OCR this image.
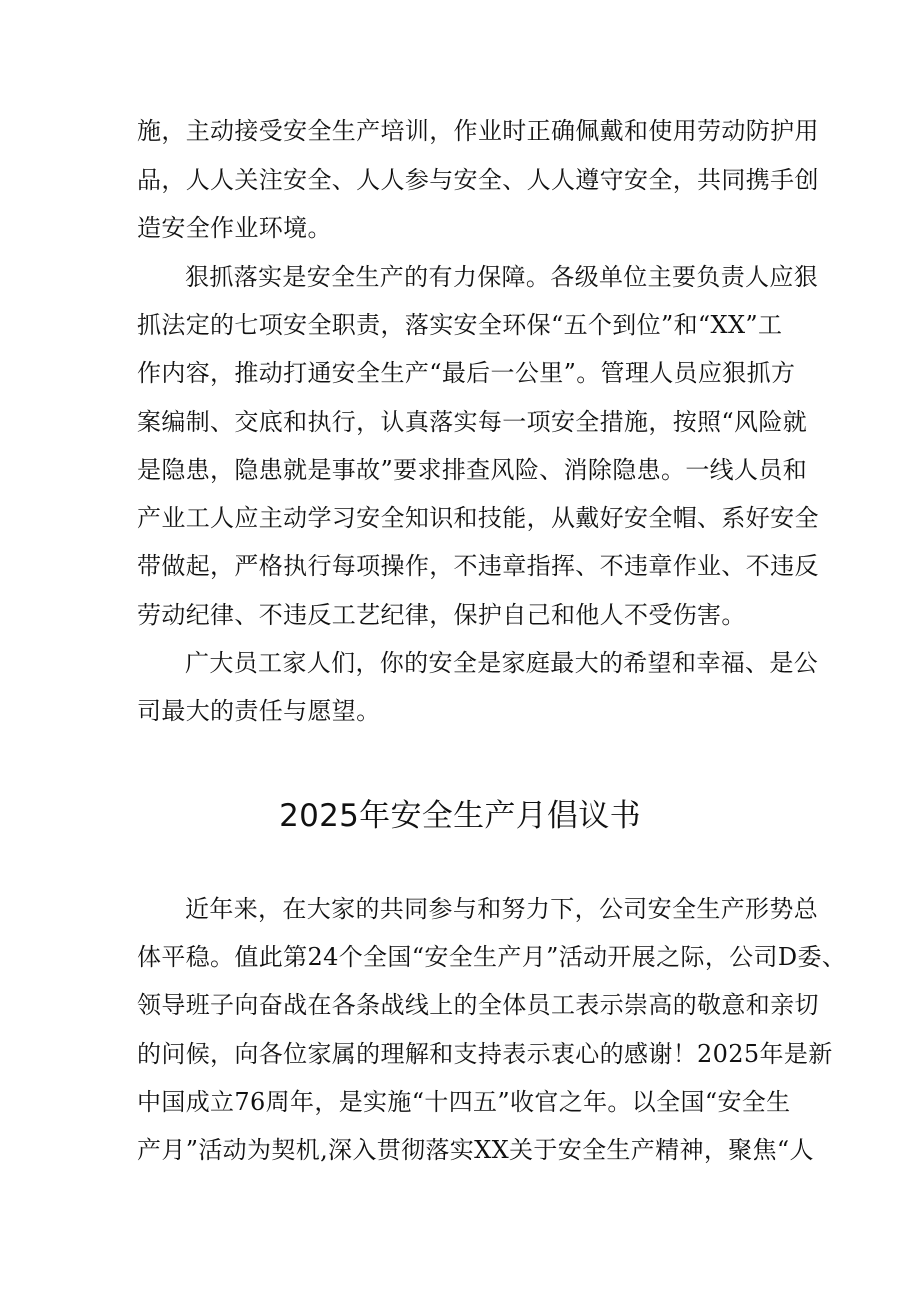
施，主动接受安全生产培训，作业时正确佩戴和使用劳动防护用
品，人人关注安全、人人参与安全、人人遵守安全，共同携手创
造安全作业环境。
狠抓落实是安全生产的有力保障。各级单位主要负责人应狠
抓法定的七项安全职责，落实安全环保“五个到位”和“XX”工
作内容，推动打通安全生产“最后一公里”。管理人员应狠抓方
案编制、交底和执行，认真落实每一项安全措施，按照“风险就
是隐患，隐患就是事故”要求排查风险、消除隐患。一线人员和
产业工人应主动学习安全知识和技能，从戴好安全帽、系好安全
带做起，严格执行每项操作，不违章指挥、不违章作业、不违反
劳动纪律、不违反工艺纪律，保护自己和他人不受伤害。
广大员工家人们，你的安全是家庭最大的希望和幸福、是公
司最大的责任与愿望。
2025年安全生产月倡议书
近年来，在大家的共同参与和努力下，公司安全生产形势总
体平稳。值此第24个全国“安全生产月”活动开展之际，公司D委、
领导班子向奋战在各条战线上的全体员工表示崇高的敬意和亲切
的问候，向各位家属的理解和支持表示衷心的感谢！2025年是新
中国成立76周年，是实施“十四五”收官之年。以全国“安全生
产月”活动为契机,深入贯彻落实XX关于安全生产精神，聚焦“人
